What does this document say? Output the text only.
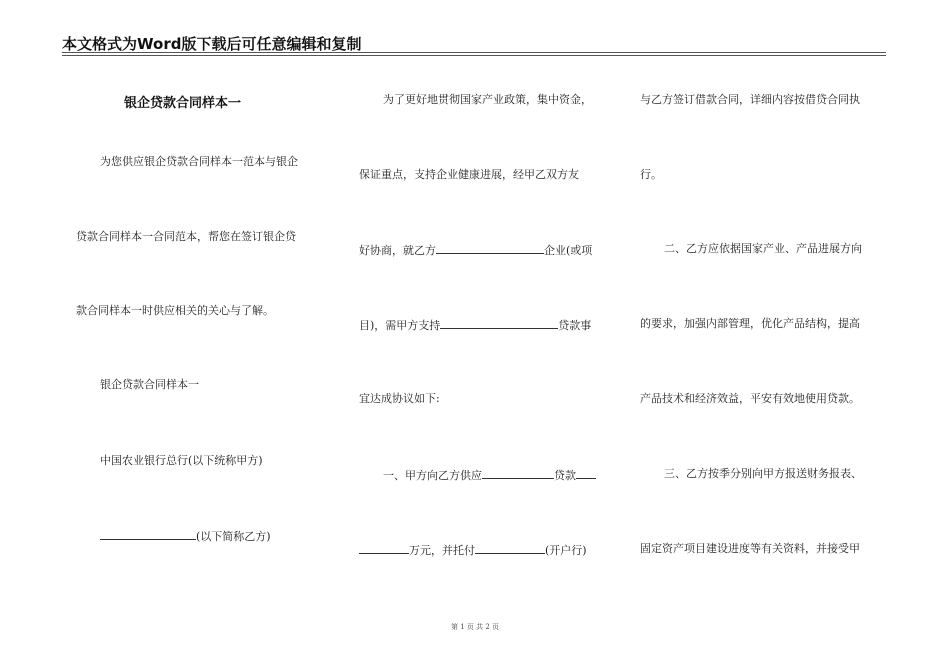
本文格式为Word版下载后可任意编辑和复制
银企贷款合同样本一
为您供应银企贷款合同样本一范本与银企
贷款合同样本一合同范本，帮您在签订银企贷
款合同样本一时供应相关的关心与了解。
银企贷款合同样本一
中国农业银行总行(以下统称甲方)
(以下简称乙方)
为了更好地贯彻国家产业政策，集中资金，
保证重点，支持企业健康进展，经甲乙双方友
好协商，就乙方	企业(或项
目)，需甲方支持	贷款事
宜达成协议如下:
一、甲方向乙方供应	贷款
万元，并托付	(开户行)
与乙方签订借款合同，详细内容按借贷合同执
行。
二、乙方应依据国家产业、产品进展方向
的要求，加强内部管理，优化产品结构，提高
产品技术和经济效益，平安有效地使用贷款。
三、乙方按季分别向甲方报送财务报表、
固定资产项目建设进度等有关资料，并接受甲
第 1 页 共 2 页
